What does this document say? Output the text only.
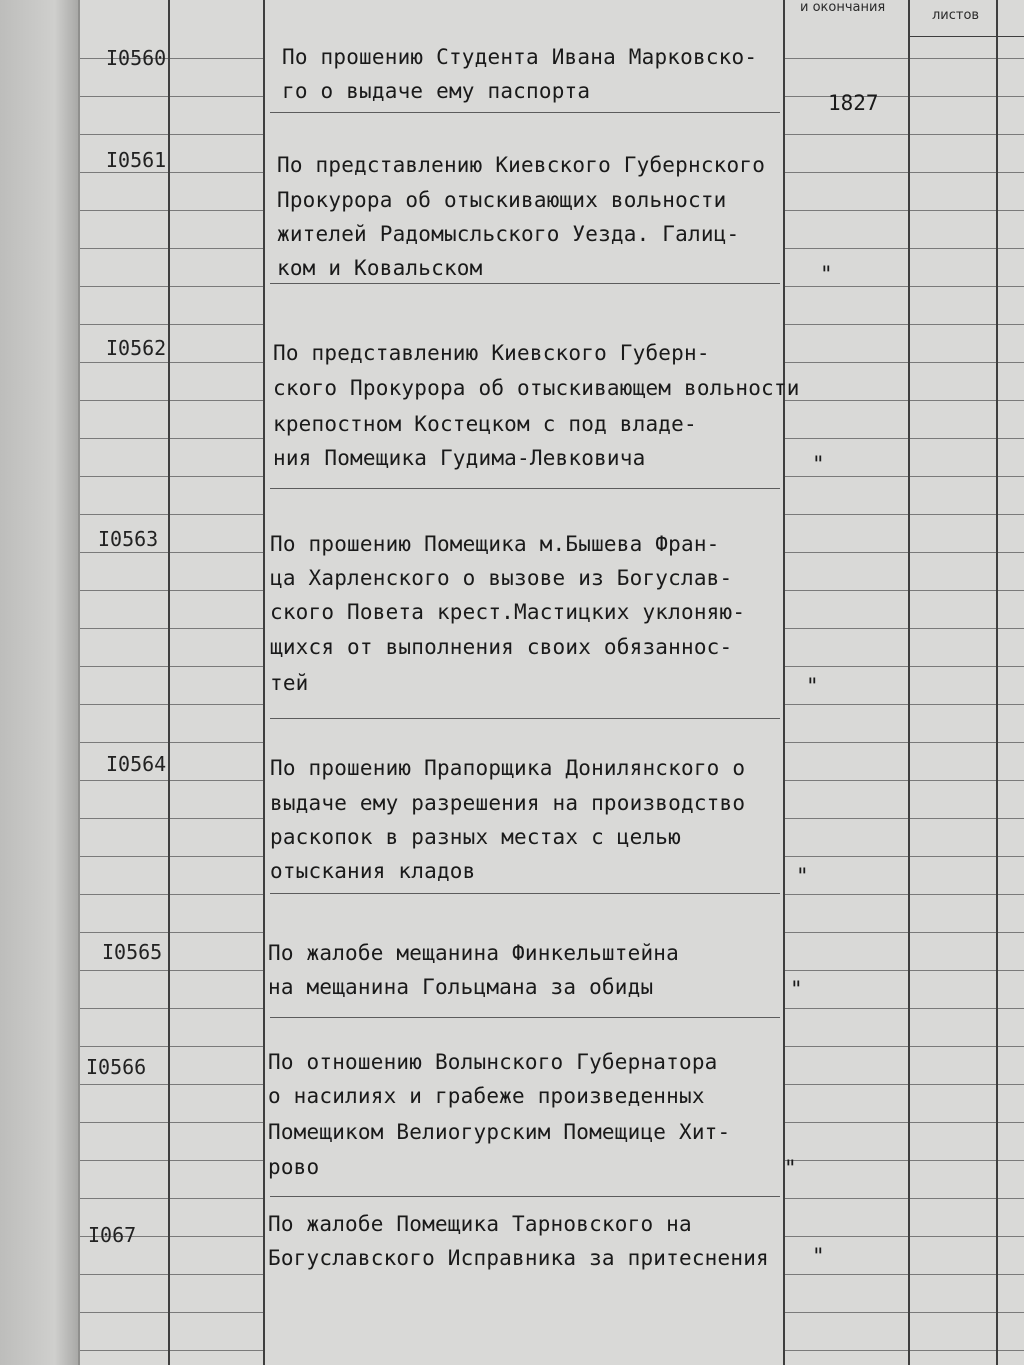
и окончания
листов
I0560	По прошению Студента Ивана Марковско-
го о выдаче ему паспорта	1827
I0561	По представлению Киевского Губернского
Прокурора об отыскивающих вольности
жителей Радомысльского Уезда. Галиц-
ком и Ковальском	"
I0562	По представлению Киевского Губерн-
ского Прокурора об отыскивающем вольности
крепостном Костецком с под владе-
ния Помещика Гудима-Левковича	"
I0563	По прошению Помещика м.Бышева Фран-
ца Харленского о вызове из Богуслав-
ского Повета крест.Мастицких уклоняю-
щихся от выполнения своих обязаннос-
тей	"
I0564	По прошению Прапорщика Донилянского о
выдаче ему разрешения на производство
раскопок в разных местах с целью
отыскания кладов	"
I0565	По жалобе мещанина Финкельштейна
на мещанина Гольцмана за обиды	"
I0566	По отношению Волынского Губернатора
о насилиях и грабеже произведенных
Помещиком Велиогурским Помещице Хит-
рово	"
I067	По жалобе Помещика Тарновского на
Богуславского Исправника за притеснения "
